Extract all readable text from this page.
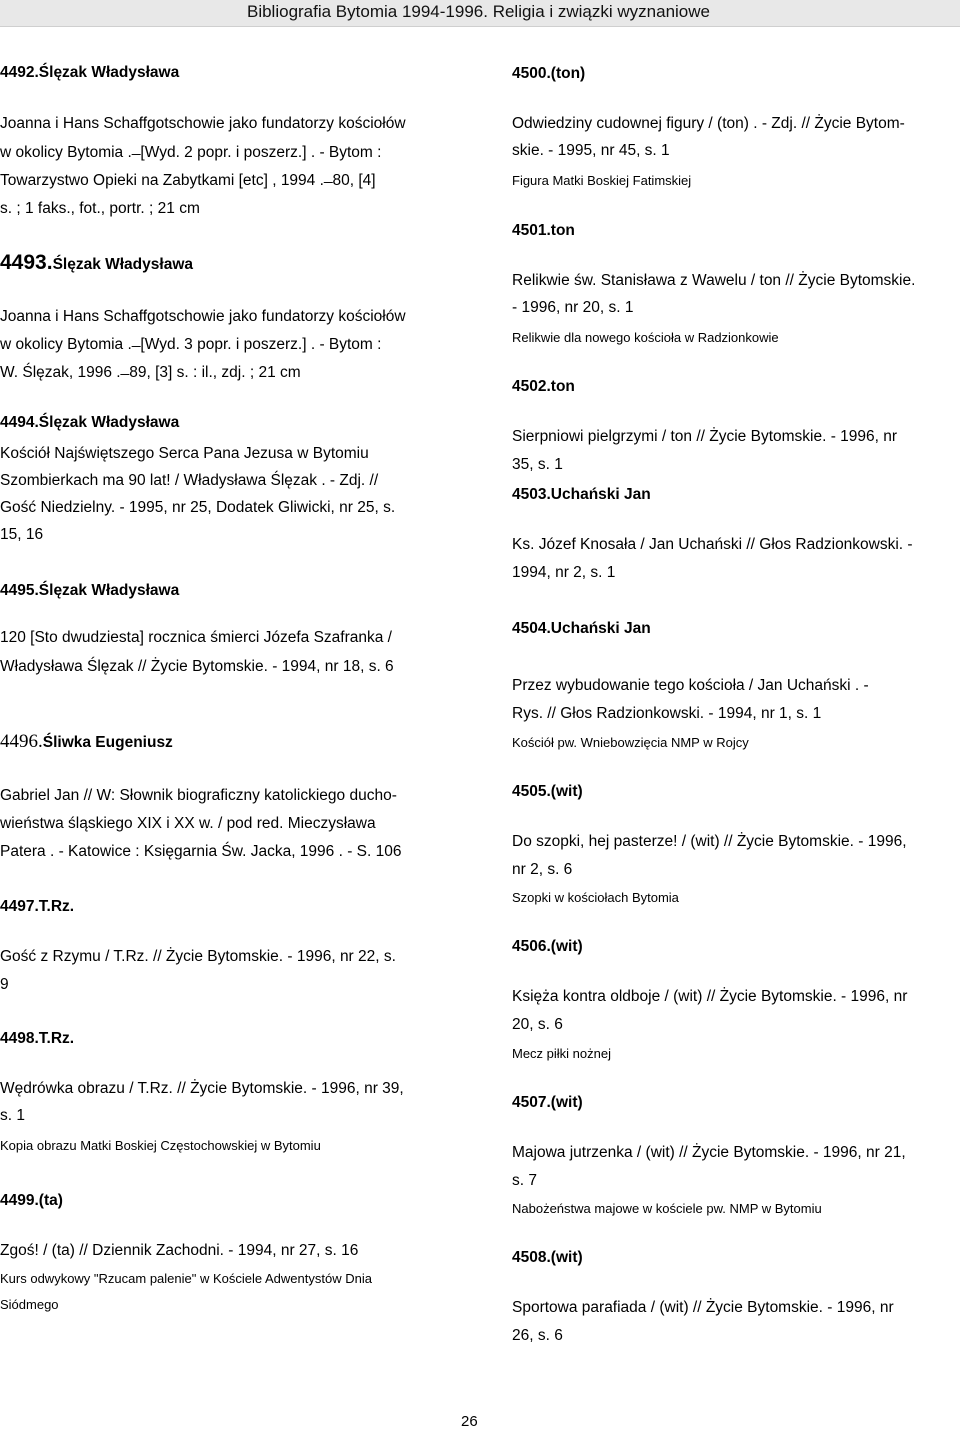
Bibliografia Bytomia 1994-1996. Religia i związki wyznaniowe
4492.Ślęzak Władysława
Joanna i Hans Schaffgotschowie jako fundatorzy kościołów
w okolicy Bytomia . ̶ [Wyd. 2 popr. i poszerz.] . - Bytom :
Towarzystwo Opieki na Zabytkami [etc] , 1994 . ̶ 80, [4]
s. ; 1 faks., fot., portr. ; 21 cm
4493.Ślęzak Władysława
Joanna i Hans Schaffgotschowie jako fundatorzy kościołów
w okolicy Bytomia . ̶ [Wyd. 3 popr. i poszerz.] . - Bytom :
W. Ślęzak, 1996 . ̶ 89, [3] s. : il., zdj. ; 21 cm
4494.Ślęzak Władysława
Kościół Najświętszego Serca Pana Jezusa w Bytomiu
Szombierkach ma 90 lat! / Władysława Ślęzak . - Zdj. //
Gość Niedzielny. - 1995, nr 25, Dodatek Gliwicki, nr 25, s.
15, 16
4495.Ślęzak Władysława
120 [Sto dwudziesta] rocznica śmierci Józefa Szafranka /
Władysława Ślęzak // Życie Bytomskie. - 1994, nr 18, s. 6
4496.Śliwka Eugeniusz
Gabriel Jan // W: Słownik biograficzny katolickiego ducho-
wieństwa śląskiego XIX i XX w. / pod red. Mieczysława
Patera . - Katowice : Księgarnia Św. Jacka, 1996 . - S. 106
4497.T.Rz.
Gość z Rzymu / T.Rz. // Życie Bytomskie. - 1996, nr 22, s.
9
4498.T.Rz.
Wędrówka obrazu / T.Rz. // Życie Bytomskie. - 1996, nr 39,
s. 1
Kopia obrazu Matki Boskiej Częstochowskiej w Bytomiu
4499.(ta)
Zgoś! / (ta) // Dziennik Zachodni. - 1994, nr 27, s. 16
Kurs odwykowy "Rzucam palenie" w Kościele Adwentystów Dnia
Siódmego
4500.(ton)
Odwiedziny cudownej figury / (ton) . - Zdj. // Życie Bytom-
skie. - 1995, nr 45, s. 1
Figura Matki Boskiej Fatimskiej
4501.ton
Relikwie św. Stanisława z Wawelu / ton // Życie Bytomskie.
- 1996, nr 20, s. 1
Relikwie dla nowego kościoła w Radzionkowie
4502.ton
Sierpniowi pielgrzymi / ton // Życie Bytomskie. - 1996, nr
35, s. 1
4503.Uchański Jan
Ks. Józef Knosała / Jan Uchański // Głos Radzionkowski. -
1994, nr 2, s. 1
4504.Uchański Jan
Przez wybudowanie tego kościoła / Jan Uchański . -
Rys. // Głos Radzionkowski. - 1994, nr 1, s. 1
Kościół pw. Wniebowzięcia NMP w Rojcy
4505.(wit)
Do szopki, hej pasterze! / (wit) // Życie Bytomskie. - 1996,
nr 2, s. 6
Szopki w kościołach Bytomia
4506.(wit)
Księża kontra oldboje / (wit) // Życie Bytomskie. - 1996, nr
20, s. 6
Mecz piłki nożnej
4507.(wit)
Majowa jutrzenka / (wit) // Życie Bytomskie. - 1996, nr 21,
s. 7
Nabożeństwa majowe w kościele pw. NMP w Bytomiu
4508.(wit)
Sportowa parafiada / (wit) // Życie Bytomskie. - 1996, nr
26, s. 6
26
